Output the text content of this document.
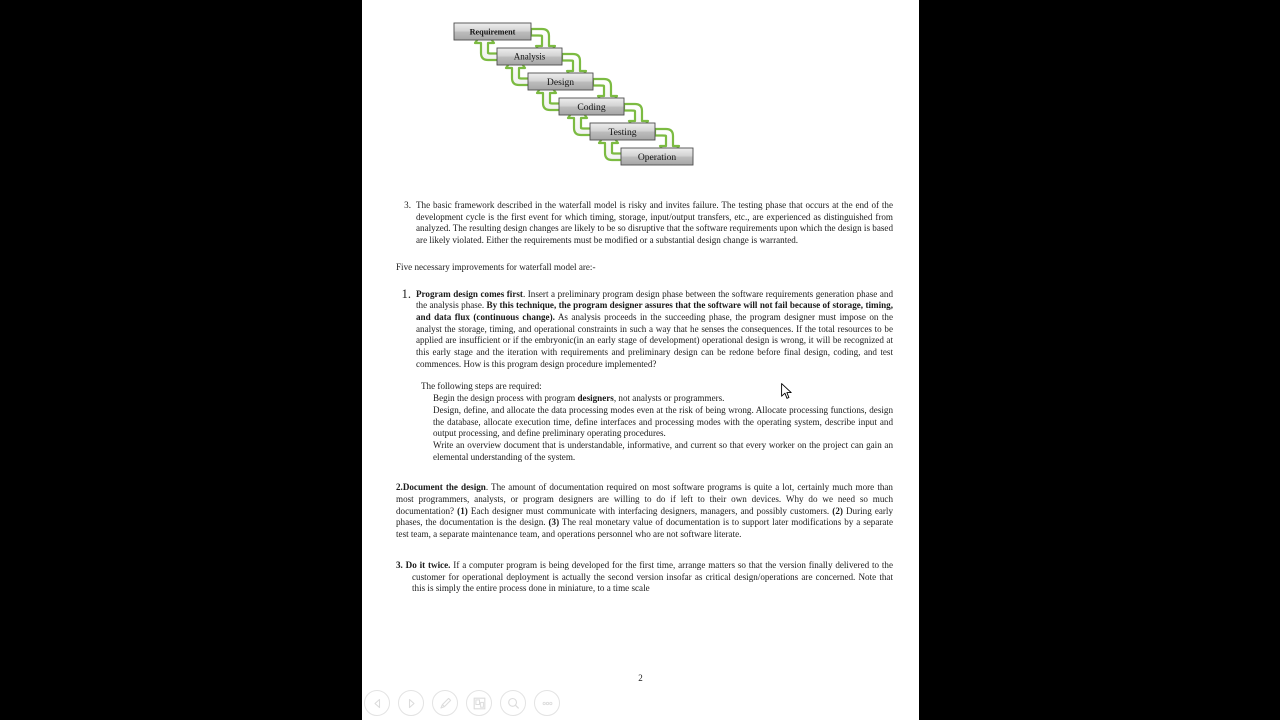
Requirement
Analysis
Design
Coding
Testing
Operation
3. The basic framework described in the waterfall model is risky and invites failure. The testing phase that occurs at the end of the development cycle is the first event for which timing, storage, input/output transfers, etc., are experienced as distinguished from analyzed. The resulting design changes are likely to be so disruptive that the software requirements upon which the design is based are likely violated. Either the requirements must be modified or a substantial design change is warranted.
Five necessary improvements for waterfall model are:-
1. Program design comes first. Insert a preliminary program design phase between the software requirements generation phase and the analysis phase. By this technique, the program designer assures that the software will not fail because of storage, timing, and data flux (continuous change). As analysis proceeds in the succeeding phase, the program designer must impose on the analyst the storage, timing, and operational constraints in such a way that he senses the consequences. If the total resources to be applied are insufficient or if the embryonic(in an early stage of development) operational design is wrong, it will be recognized at this early stage and the iteration with requirements and preliminary design can be redone before final design, coding, and test commences. How is this program design procedure implemented?
The following steps are required:
Begin the design process with program designers, not analysts or programmers.
Design, define, and allocate the data processing modes even at the risk of being wrong. Allocate processing functions, design the database, allocate execution time, define interfaces and processing modes with the operating system, describe input and output processing, and define preliminary operating procedures.
Write an overview document that is understandable, informative, and current so that every worker on the project can gain an elemental understanding of the system.
2.Document the design. The amount of documentation required on most software programs is quite a lot, certainly much more than most programmers, analysts, or program designers are willing to do if left to their own devices. Why do we need so much documentation? (1) Each designer must communicate with interfacing designers, managers, and possibly customers. (2) During early phases, the documentation is the design. (3) The real monetary value of documentation is to support later modifications by a separate test team, a separate maintenance team, and operations personnel who are not software literate.
3. Do it twice. If a computer program is being developed for the first time, arrange matters so that the version finally delivered to the customer for operational deployment is actually the second version insofar as critical design/operations are concerned. Note that this is simply the entire process done in miniature, to a time scale
2
